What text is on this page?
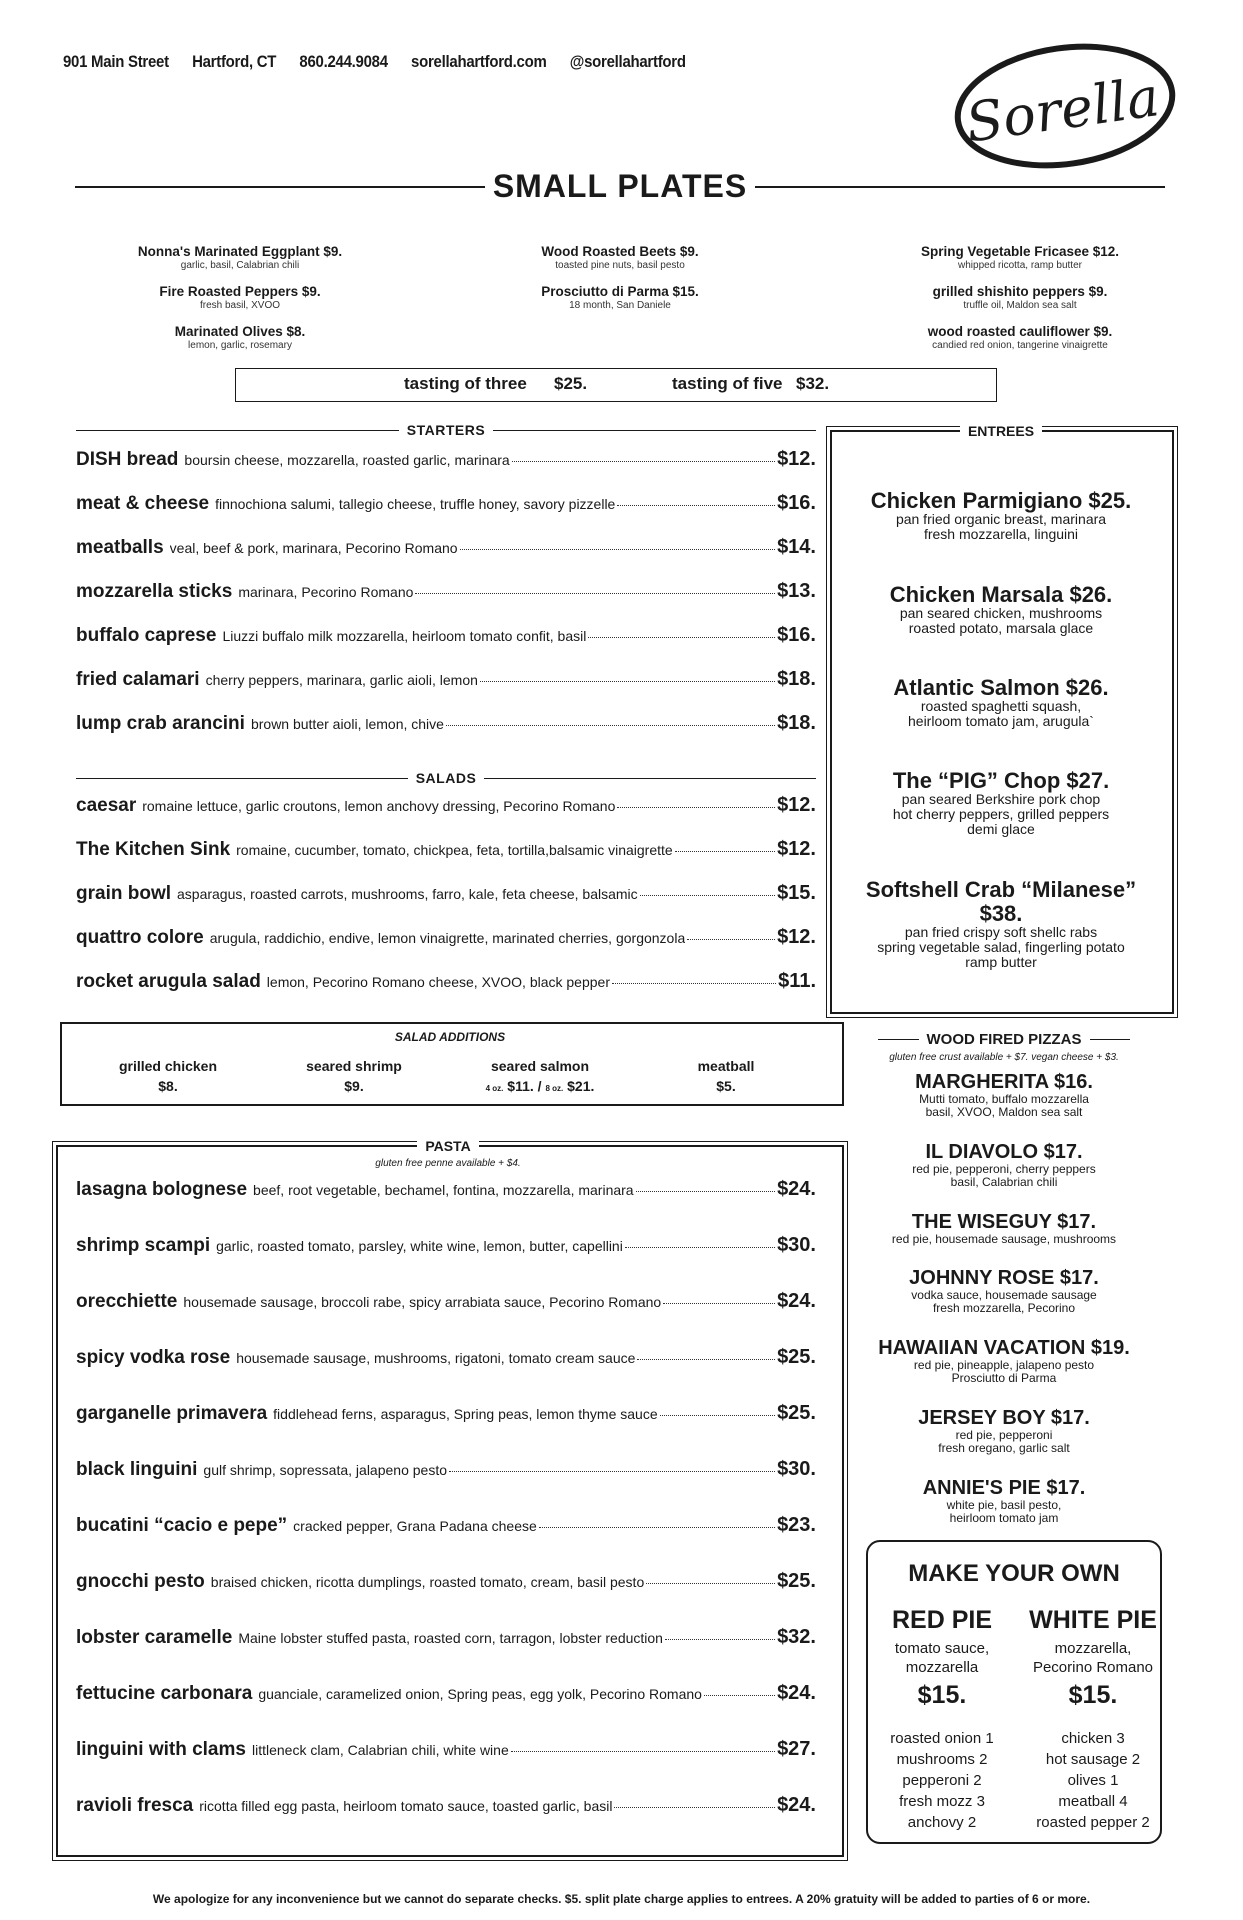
901 Main Street Hartford, CT 860.244.9084 sorellahartford.com @sorellahartford
Sorella
SMALL PLATES
Nonna's Marinated Eggplant $9.
garlic, basil, Calabrian chili
Fire Roasted Peppers $9.
fresh basil, XVOO
Marinated Olives $8.
lemon, garlic, rosemary
Wood Roasted Beets $9.
toasted pine nuts, basil pesto
Prosciutto di Parma $15.
18 month, San Daniele
Spring Vegetable Fricasee $12.
whipped ricotta, ramp butter
grilled shishito peppers $9.
truffle oil, Maldon sea salt
wood roasted cauliflower $9.
candied red onion, tangerine vinaigrette
tasting of three $25.	tasting of five $32.
STARTERS
DISH bread boursin cheese, mozzarella, roasted garlic, marinara	$12.
meat & cheese finnochiona salumi, tallegio cheese, truffle honey, savory pizzelle	$16.
meatballs veal, beef & pork, marinara, Pecorino Romano	$14.
mozzarella sticks marinara, Pecorino Romano	$13.
buffalo caprese Liuzzi buffalo milk mozzarella, heirloom tomato confit, basil	$16.
fried calamari cherry peppers, marinara, garlic aioli, lemon	$18.
lump crab arancini brown butter aioli, lemon, chive	$18.
SALADS
caesar romaine lettuce, garlic croutons, lemon anchovy dressing, Pecorino Romano	$12.
The Kitchen Sink romaine, cucumber, tomato, chickpea, feta, tortilla,balsamic vinaigrette	$12.
grain bowl asparagus, roasted carrots, mushrooms, farro, kale, feta cheese, balsamic	$15.
quattro colore arugula, raddichio, endive, lemon vinaigrette, marinated cherries, gorgonzola	$12.
rocket arugula salad lemon, Pecorino Romano cheese, XVOO, black pepper	$11.
ENTREES
Chicken Parmigiano $25.
pan fried organic breast, marinara
fresh mozzarella, linguini
Chicken Marsala $26.
pan seared chicken, mushrooms
roasted potato, marsala glace
Atlantic Salmon $26.
roasted spaghetti squash,
heirloom tomato jam, arugula`
The “PIG” Chop $27.
pan seared Berkshire pork chop
hot cherry peppers, grilled peppers
demi glace
Softshell Crab “Milanese”
$38.
pan fried crispy soft shellc rabs
spring vegetable salad, fingerling potato
ramp butter
SALAD ADDITIONS
grilled chicken
$8.
seared shrimp
$9.
seared salmon
4 oz. $11. / 8 oz. $21.
meatball
$5.
PASTA
gluten free penne available + $4.
lasagna bolognese beef, root vegetable, bechamel, fontina, mozzarella, marinara	$24.
shrimp scampi garlic, roasted tomato, parsley, white wine, lemon, butter, capellini	$30.
orecchiette housemade sausage, broccoli rabe, spicy arrabiata sauce, Pecorino Romano	$24.
spicy vodka rose housemade sausage, mushrooms, rigatoni, tomato cream sauce	$25.
garganelle primavera fiddlehead ferns, asparagus, Spring peas, lemon thyme sauce	$25.
black linguini gulf shrimp, sopressata, jalapeno pesto	$30.
bucatini “cacio e pepe” cracked pepper, Grana Padana cheese	$23.
gnocchi pesto braised chicken, ricotta dumplings, roasted tomato, cream, basil pesto	$25.
lobster caramelle Maine lobster stuffed pasta, roasted corn, tarragon, lobster reduction	$32.
fettucine carbonara guanciale, caramelized onion, Spring peas, egg yolk, Pecorino Romano	$24.
linguini with clams littleneck clam, Calabrian chili, white wine	$27.
ravioli fresca ricotta filled egg pasta, heirloom tomato sauce, toasted garlic, basil	$24.
WOOD FIRED PIZZAS
gluten free crust available + $7. vegan cheese + $3.
MARGHERITA $16.
Mutti tomato, buffalo mozzarella
basil, XVOO, Maldon sea salt
IL DIAVOLO $17.
red pie, pepperoni, cherry peppers
basil, Calabrian chili
THE WISEGUY $17.
red pie, housemade sausage, mushrooms
JOHNNY ROSE $17.
vodka sauce, housemade sausage
fresh mozzarella, Pecorino
HAWAIIAN VACATION $19.
red pie, pineapple, jalapeno pesto
Prosciutto di Parma
JERSEY BOY $17.
red pie, pepperoni
fresh oregano, garlic salt
ANNIE'S PIE $17.
white pie, basil pesto,
heirloom tomato jam
MAKE YOUR OWN
RED PIE
tomato sauce,
mozzarella
$15.
roasted onion 1
mushrooms 2
pepperoni 2
fresh mozz 3
anchovy 2
WHITE PIE
mozzarella,
Pecorino Romano
$15.
chicken 3
hot sausage 2
olives 1
meatball 4
roasted pepper 2
We apologize for any inconvenience but we cannot do separate checks. $5. split plate charge applies to entrees. A 20% gratuity will be added to parties of 6 or more.
